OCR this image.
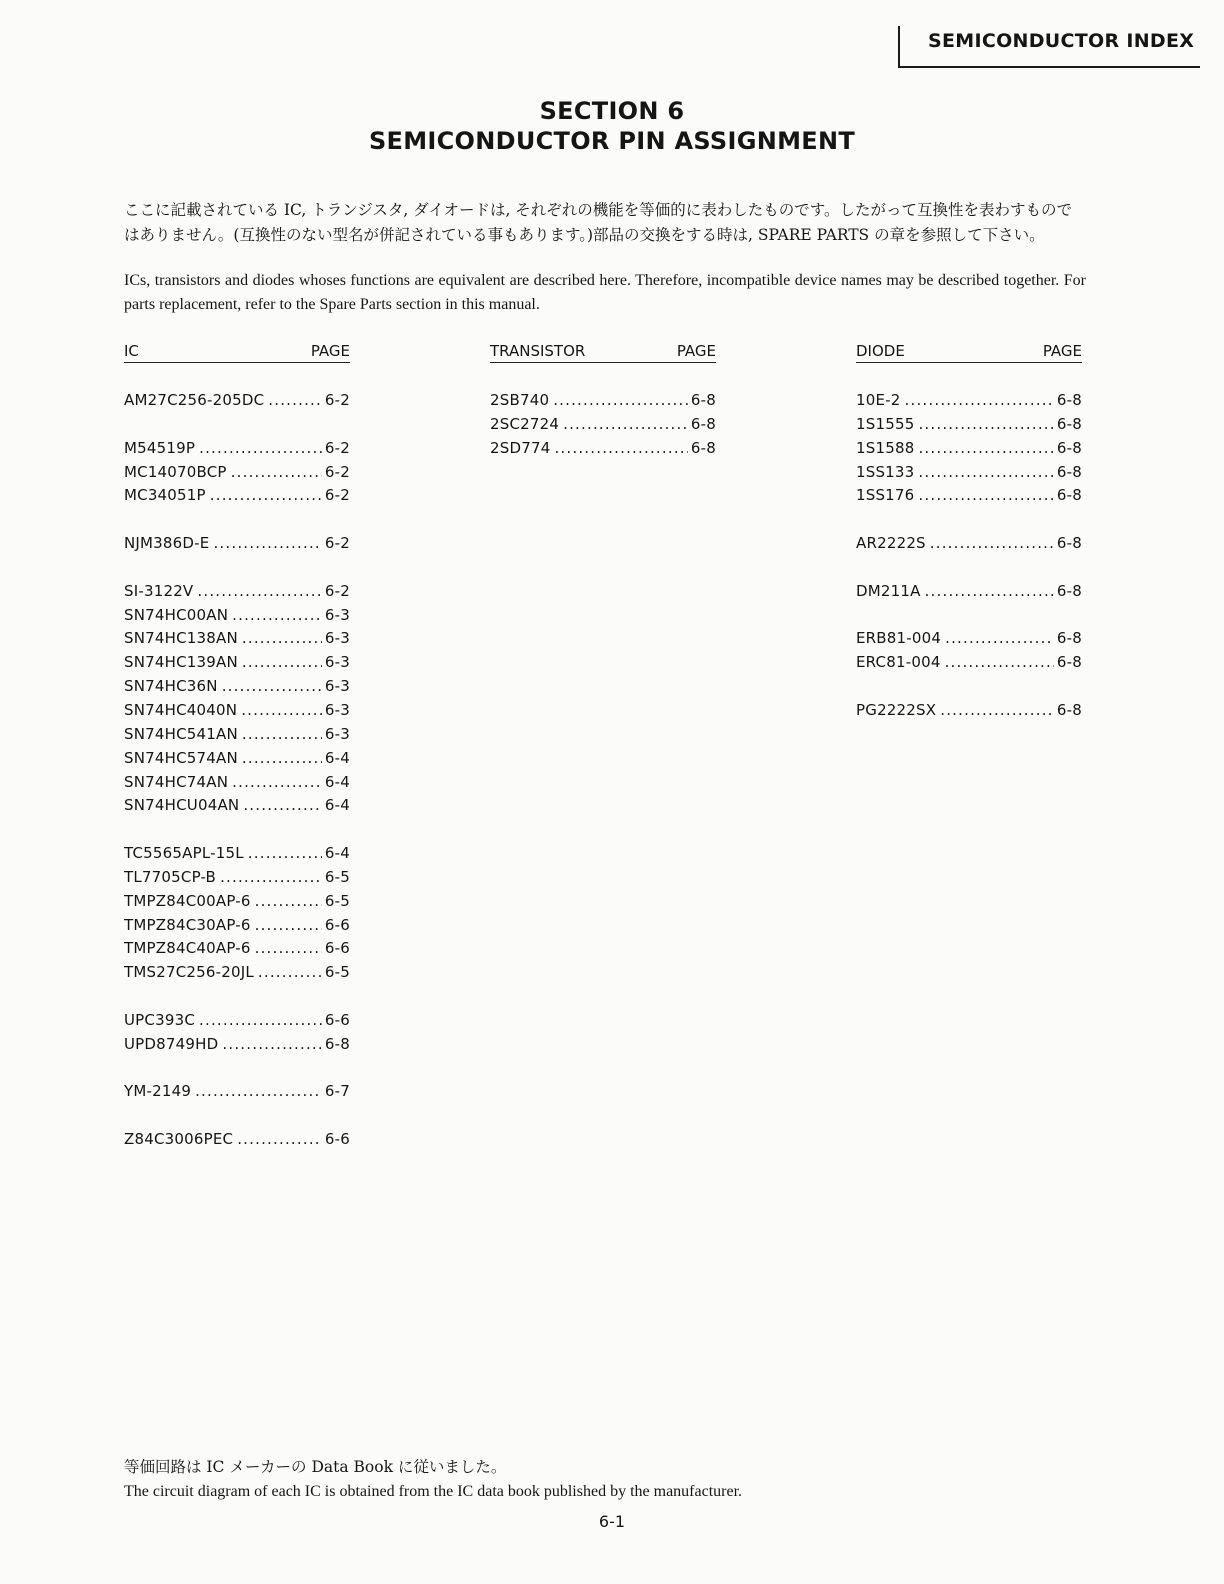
SEMICONDUCTOR INDEX
SECTION 6
SEMICONDUCTOR PIN ASSIGNMENT
ここに記載されている IC, トランジスタ, ダイオードは, それぞれの機能を等価的に表わしたものです。したがって互換性を表わすもので
はありません。(互換性のない型名が併記されている事もあります。)部品の交換をする時は, SPARE PARTS の章を参照して下さい。
ICs, transistors and diodes whoses functions are equivalent are described here. Therefore, incompatible device names may be described together. For parts replacement, refer to the Spare Parts section in this manual.
IC	PAGE
AM27C256-205DC .....	6-2
M54519P .....	6-2
MC14070BCP .....	6-2
MC34051P .....	6-2
NJM386D-E .....	6-2
SI-3122V .....	6-2
SN74HC00AN .....	6-3
SN74HC138AN .....	6-3
SN74HC139AN .....	6-3
SN74HC36N .....	6-3
SN74HC4040N .....	6-3
SN74HC541AN .....	6-3
SN74HC574AN .....	6-4
SN74HC74AN .....	6-4
SN74HCU04AN .....	6-4
TC5565APL-15L .....	6-4
TL7705CP-B .....	6-5
TMPZ84C00AP-6 .....	6-5
TMPZ84C30AP-6 .....	6-6
TMPZ84C40AP-6 .....	6-6
TMS27C256-20JL .....	6-5
UPC393C .....	6-6
UPD8749HD .....	6-8
YM-2149 .....	6-7
Z84C3006PEC .....	6-6
TRANSISTOR	PAGE
2SB740 .....	6-8
2SC2724 .....	6-8
2SD774 .....	6-8
DIODE	PAGE
10E-2 .....	6-8
1S1555 .....	6-8
1S1588 .....	6-8
1SS133 .....	6-8
1SS176 .....	6-8
AR2222S .....	6-8
DM211A .....	6-8
ERB81-004 .....	6-8
ERC81-004 .....	6-8
PG2222SX .....	6-8
等価回路は IC メーカーの Data Book に従いました。
The circuit diagram of each IC is obtained from the IC data book published by the manufacturer.
6-1
